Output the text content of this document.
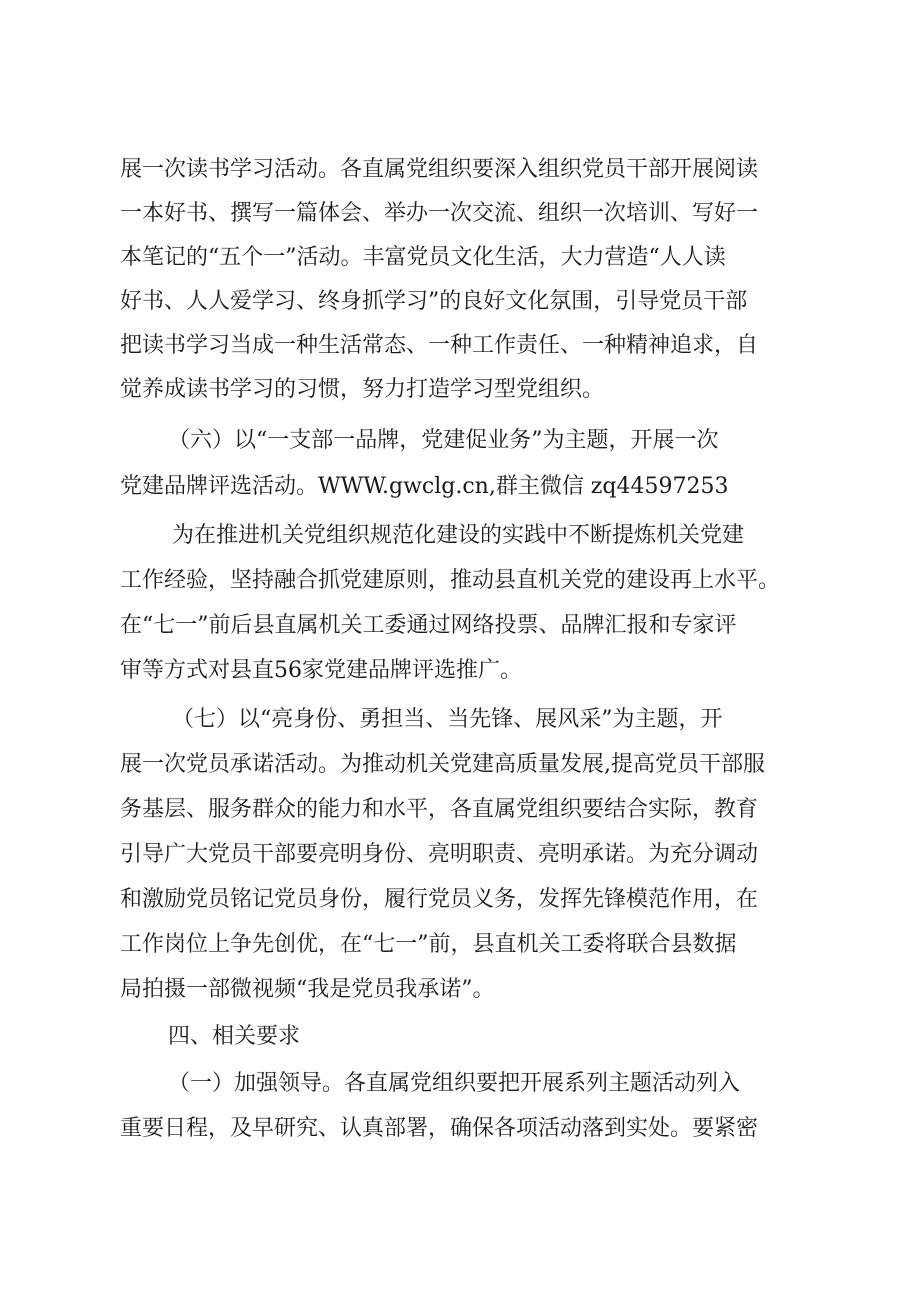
展一次读书学习活动。各直属党组织要深入组织党员干部开展阅读

一本好书、撰写一篇体会、举办一次交流、组织一次培训、写好一

本笔记的“五个一”活动。丰富党员文化生活，大力营造“人人读

好书、人人爱学习、终身抓学习”的良好文化氛围，引导党员干部

把读书学习当成一种生活常态、一种工作责任、一种精神追求，自

觉养成读书学习的习惯，努力打造学习型党组织。

（六）以“一支部一品牌，党建促业务”为主题，开展一次

党建品牌评选活动。WWW.gwclg.cn,群主微信 zq44597253

为在推进机关党组织规范化建设的实践中不断提炼机关党建

工作经验，坚持融合抓党建原则，推动县直机关党的建设再上水平。

在“七一”前后县直属机关工委通过网络投票、品牌汇报和专家评

审等方式对县直56家党建品牌评选推广。

（七）以“亮身份、勇担当、当先锋、展风采”为主题，开

展一次党员承诺活动。为推动机关党建高质量发展,提高党员干部服

务基层、服务群众的能力和水平，各直属党组织要结合实际，教育

引导广大党员干部要亮明身份、亮明职责、亮明承诺。为充分调动

和激励党员铭记党员身份，履行党员义务，发挥先锋模范作用，在

工作岗位上争先创优，在“七一”前，县直机关工委将联合县数据

局拍摄一部微视频“我是党员我承诺”。

四、相关要求

（一）加强领导。各直属党组织要把开展系列主题活动列入

重要日程，及早研究、认真部署，确保各项活动落到实处。要紧密
